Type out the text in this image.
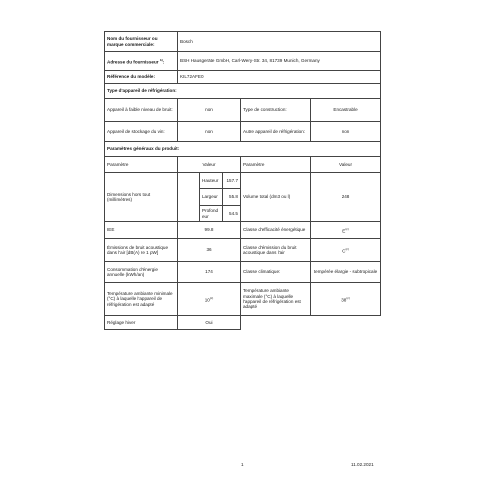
Nom du fournisseur ou marque commerciale:	Bosch				
Adresse du fournisseur $^{b)}$:	BSH Hausgeräte GmbH, Carl-Wery-Str. 34, 81739 Munich, Germany				
Référence du modèle:	KIL72AFE0				
Type d'appareil de réfrigération:					
Appareil à faible niveau de bruit:	non			Type de construction:	Encastrable
Appareil de stockage du vin:	non			Autre appareil de réfrigération:	non
Paramètres généraux du produit:					
Paramètre	Valeur			Paramètre	Valeur
Dimensions hors tout (millimètres)		Hauteur	157.7	Volume total (dm3 ou l)	248
		Largeur	55.8		
		Profondeur	54.5		
IEE	99.8			Classe d'efficacité énergétique	$E^{(c)}$
Émissions de bruit acoustique dans l'air [dB(A) re 1 pW]	36			Classe d'émission du bruit acoustique dans l'air	$C^{(c)}$
Consommation d'énergie annuelle (kWh/an)	174			Classe climatique:	tempérée élargie - subtropicale
Température ambiante minimale (°C) à laquelle l'appareil de réfrigération est adapté	10$^{(c)}$			Température ambiante maximale (°C) à laquelle l'appareil de réfrigération est adapté	38$^{(c)}$
Réglage hiver	Oui				
1	11.02.2021
